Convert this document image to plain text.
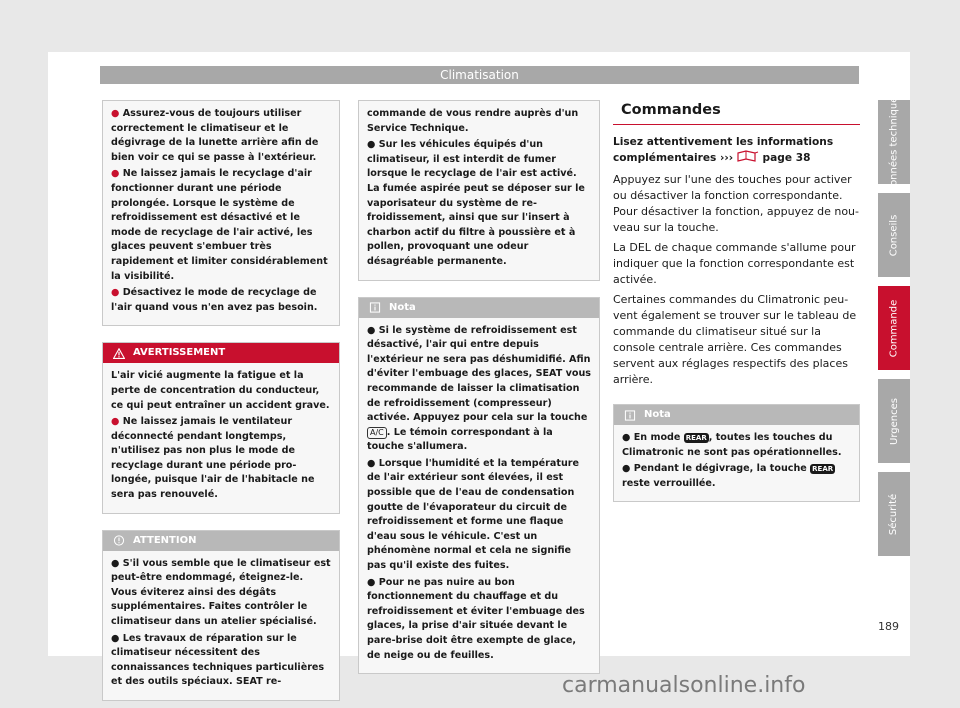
Climatisation

● Assurez-vous de toujours utiliser correctement le climatiseur et le dégivrage de la lunette arrière afin de bien voir ce qui se passe à l'extérieur.

● Ne laissez jamais le recyclage d'air fonctionner durant une période prolongée. Lorsque le système de refroidissement est désactivé et le mode de recyclage de l'air activé, les glaces peuvent s'embuer très rapidement et limiter considérablement la visibilité.

● Désactivez le mode de recyclage de l'air quand vous n'en avez pas besoin.

AVERTISSEMENT

L'air vicié augmente la fatigue et la perte de concentration du conducteur, ce qui peut entraîner un accident grave.

● Ne laissez jamais le ventilateur déconnecté pendant longtemps, n'utilisez pas non plus le mode de recyclage durant une période prolongée, puisque l'air de l'habitacle ne sera pas renouvelé.

ATTENTION

● S'il vous semble que le climatiseur est peut-être endommagé, éteignez-le. Vous éviterez ainsi des dégâts supplémentaires. Faites contrôler le climatiseur dans un atelier spécialisé.

● Les travaux de réparation sur le climatiseur nécessitent des connaissances techniques particulières et des outils spéciaux. SEAT re-

commande de vous rendre auprès d'un Service Technique.

● Sur les véhicules équipés d'un climatiseur, il est interdit de fumer lorsque le recyclage de l'air est activé. La fumée aspirée peut se déposer sur le vaporisateur du système de refroidissement, ainsi que sur l'insert à charbon actif du filtre à poussière et à pollen, provoquant une odeur désagréable permanente.

Nota

● Si le système de refroidissement est désactivé, l'air qui entre depuis l'extérieur ne sera pas déshumidifié. Afin d'éviter l'embuage des glaces, SEAT vous recommande de laisser la climatisation de refroidissement (compresseur) activée. Appuyez pour cela sur la touche A/C . Le témoin correspondant à la touche s'allumera.

● Lorsque l'humidité et la température de l'air extérieur sont élevées, il est possible que de l'eau de condensation goutte de l'évaporateur du circuit de refroidissement et forme une flaque d'eau sous le véhicule. C'est un phénomène normal et cela ne signifie pas qu'il existe des fuites.

● Pour ne pas nuire au bon fonctionnement du chauffage et du refroidissement et éviter l'embuage des glaces, la prise d'air située devant le pare-brise doit être exempte de glace, de neige ou de feuilles.

Commandes

Lisez attentivement les informations complémentaires ›››	page 38

Appuyez sur l'une des touches pour activer ou désactiver la fonction correspondante. Pour désactiver la fonction, appuyez de nouveau sur la touche.

La DEL de chaque commande s'allume pour indiquer que la fonction correspondante est activée.

Certaines commandes du Climatronic peuvent également se trouver sur le tableau de commande du climatiseur situé sur la console centrale arrière. Ces commandes servent aux réglages respectifs des places arrière.

Nota

● En mode REAR , toutes les touches du Climatronic ne sont pas opérationnelles.

● Pendant le dégivrage, la touche REAR reste verrouillée.

Données techniques
Conseils
Commande
Urgences
Sécurité
189
carmanualsonline.info
